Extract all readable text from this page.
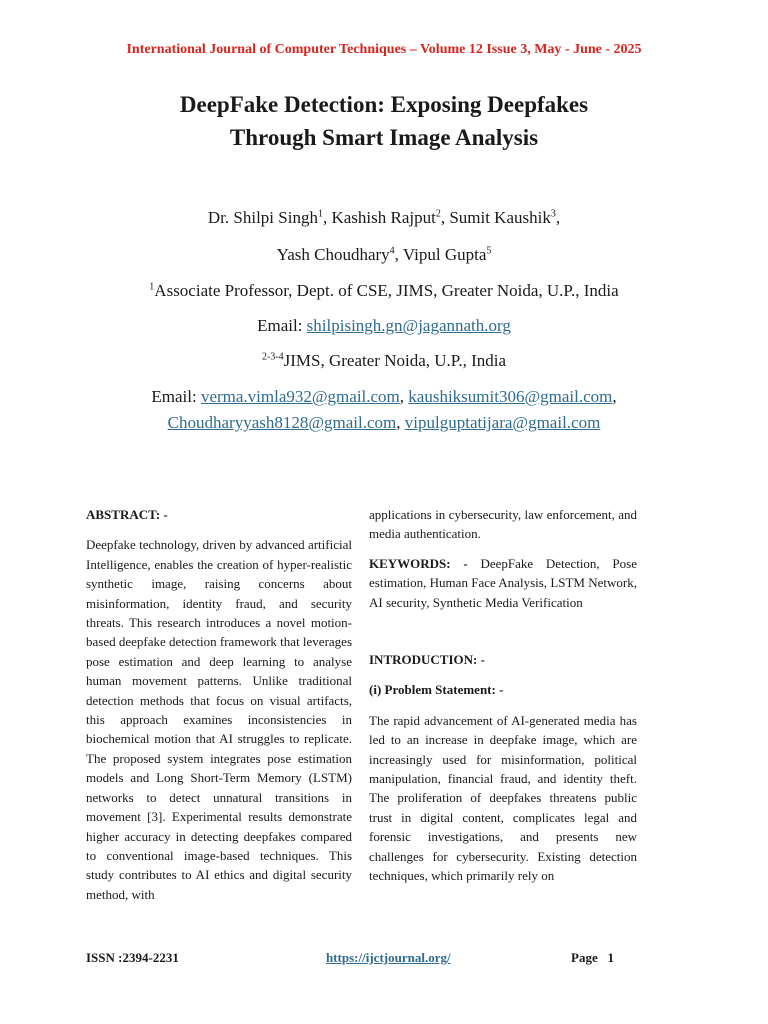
International Journal of Computer Techniques – Volume 12 Issue 3, May - June - 2025
DeepFake Detection: Exposing Deepfakes
Through Smart Image Analysis
Dr. Shilpi Singh$^1$, Kashish Rajput$^2$, Sumit Kaushik$^3$,
Yash Choudhary$^4$, Vipul Gupta$^5$
$^1$Associate Professor, Dept. of CSE, JIMS, Greater Noida, U.P., India
Email: shilpisingh.gn@jagannath.org
$^{2-3-4}$JIMS, Greater Noida, U.P., India
Email: verma.vimla932@gmail.com, kaushiksumit306@gmail.com,
Choudharyyash8128@gmail.com, vipulguptatijara@gmail.com

ABSTRACT: -

Deepfake technology, driven by advanced artificial Intelligence, enables the creation of hyper-realistic synthetic image, raising concerns about misinformation, identity fraud, and security threats. This research introduces a novel motion-based deepfake detection framework that leverages pose estimation and deep learning to analyse human movement patterns. Unlike traditional detection methods that focus on visual artifacts, this approach examines inconsistencies in biochemical motion that AI struggles to replicate. The proposed system integrates pose estimation models and Long Short-Term Memory (LSTM) networks to detect unnatural transitions in movement [3]. Experimental results demonstrate higher accuracy in detecting deepfakes compared to conventional image-based techniques. This study contributes to AI ethics and digital security method, with

applications in cybersecurity, law enforcement, and media authentication.

KEYWORDS: - DeepFake Detection, Pose estimation, Human Face Analysis, LSTM Network, AI security, Synthetic Media Verification

INTRODUCTION: -

(i) Problem Statement: -

The rapid advancement of AI-generated media has led to an increase in deepfake image, which are increasingly used for misinformation, political manipulation, financial fraud, and identity theft. The proliferation of deepfakes threatens public trust in digital content, complicates legal and forensic investigations, and presents new challenges for cybersecurity. Existing detection techniques, which primarily rely on

ISSN :2394-2231	https://ijctjournal.org/	Page 1
